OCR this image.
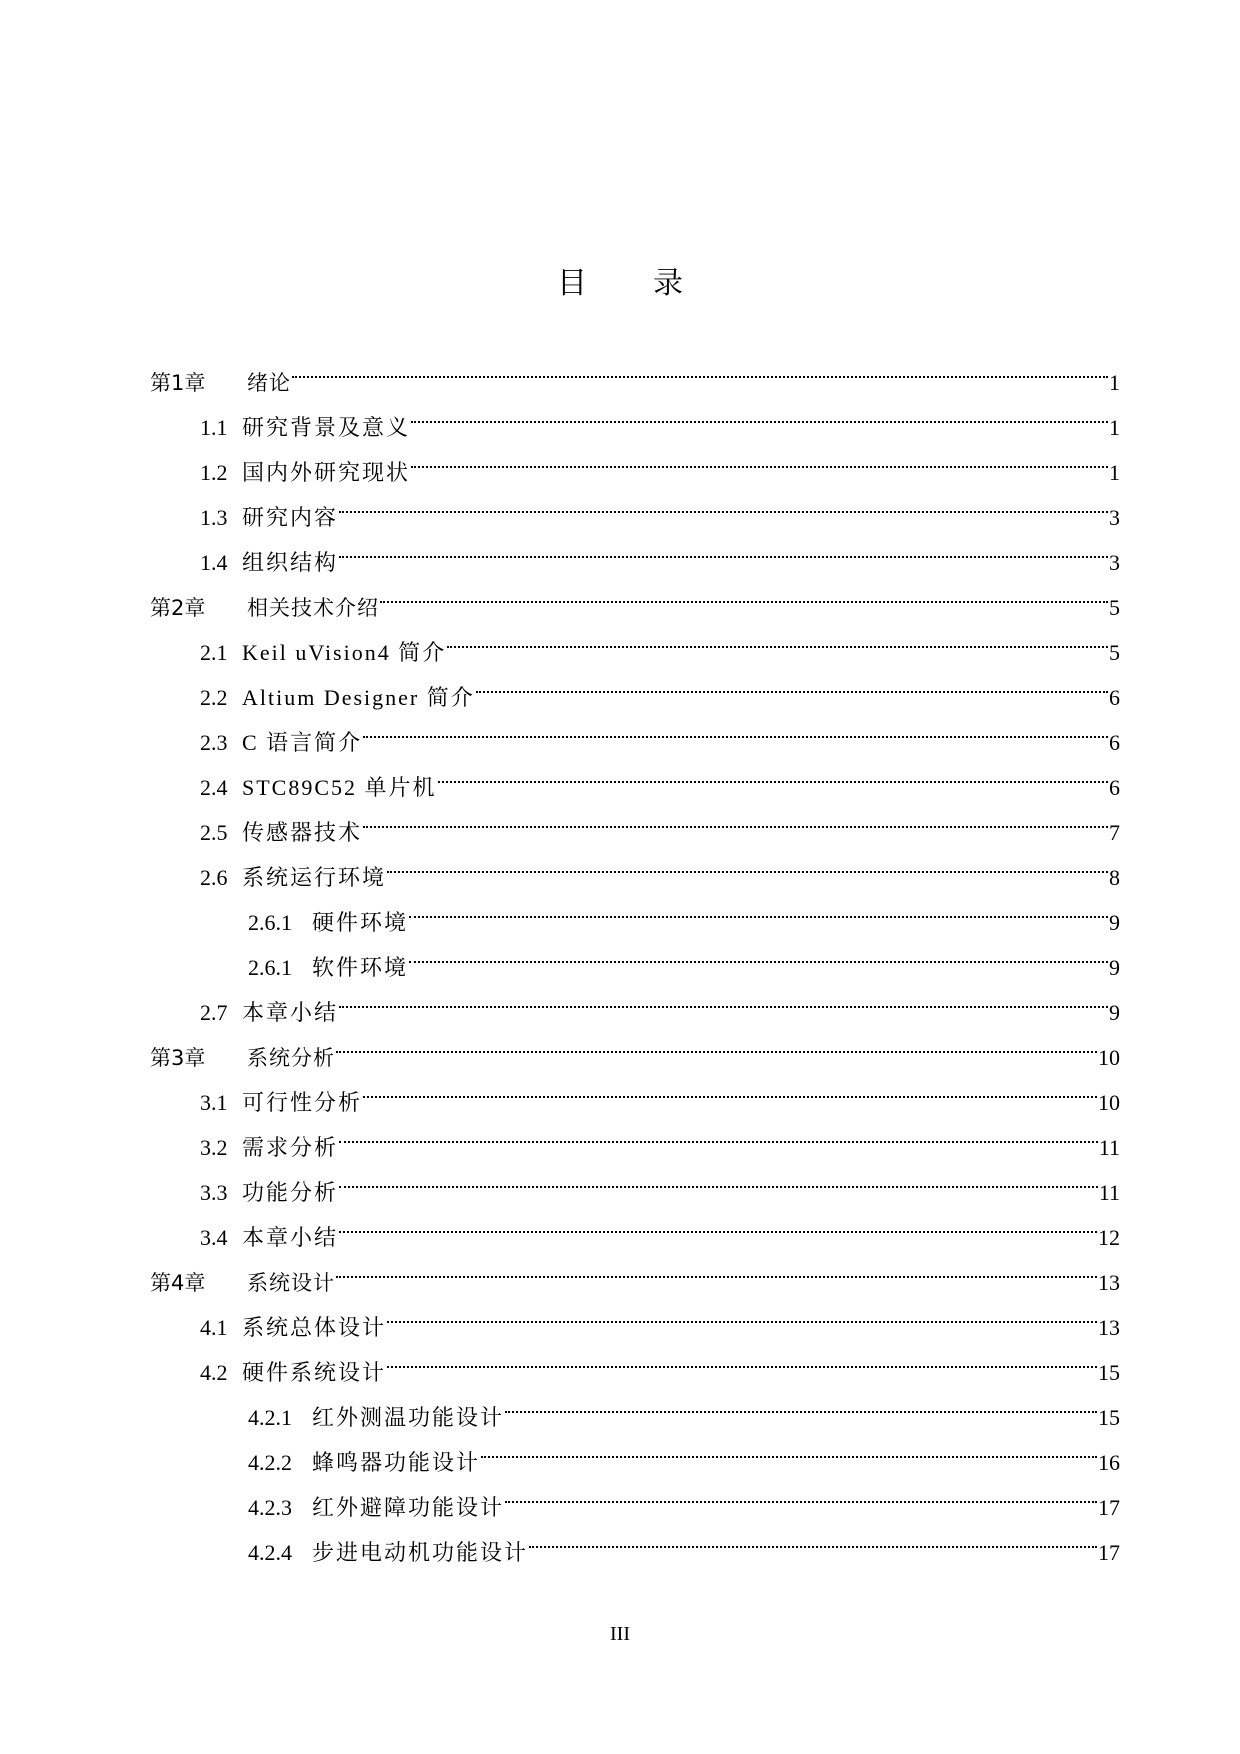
目 录
第1章	绪论	1
1.1 研究背景及意义	1
1.2 国内外研究现状	1
1.3 研究内容	3
1.4 组织结构	3
第2章	相关技术介绍	5
2.1 Keil uVision4 简介	5
2.2 Altium Designer 简介	6
2.3 C 语言简介	6
2.4 STC89C52 单片机	6
2.5 传感器技术	7
2.6 系统运行环境	8
2.6.1 硬件环境	9
2.6.1 软件环境	9
2.7 本章小结	9
第3章	系统分析	10
3.1 可行性分析	10
3.2 需求分析	11
3.3 功能分析	11
3.4 本章小结	12
第4章	系统设计	13
4.1 系统总体设计	13
4.2 硬件系统设计	15
4.2.1 红外测温功能设计	15
4.2.2 蜂鸣器功能设计	16
4.2.3 红外避障功能设计	17
4.2.4 步进电动机功能设计	17
III
